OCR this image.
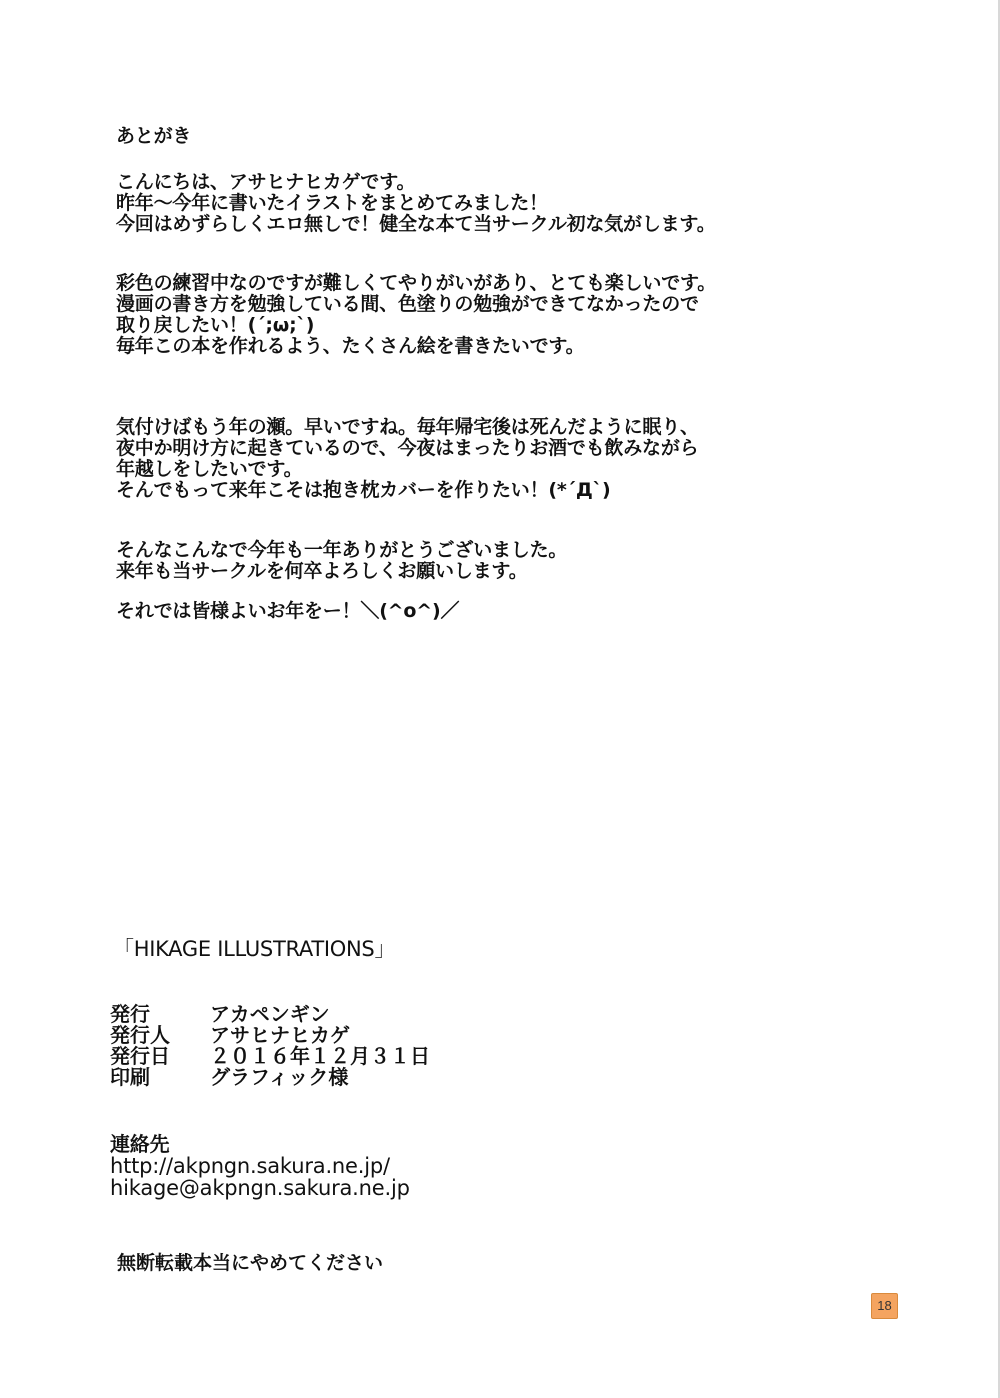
あとがき
こんにちは、アサヒナヒカゲです。
昨年～今年に書いたイラストをまとめてみました！
今回はめずらしくエロ無しで！健全な本て当サークル初な気がします。
彩色の練習中なのですが難しくてやりがいがあり、とても楽しいです。
漫画の書き方を勉強している間、色塗りの勉強ができてなかったので
取り戻したい！(´;ω;`)
毎年この本を作れるよう、たくさん絵を書きたいです。
気付けばもう年の瀬。早いですね。毎年帰宅後は死んだように眠り、
夜中か明け方に起きているので、今夜はまったりお酒でも飲みながら
年越しをしたいです。
そんでもって来年こそは抱き枕カバーを作りたい！(*´Д`)
そんなこんなで今年も一年ありがとうございました。
来年も当サークルを何卒よろしくお願いします。
それでは皆様よいお年をー！＼(^o^)／
「HIKAGE ILLUSTRATIONS」
発行	アカペンギン
発行人	アサヒナヒカゲ
発行日	２０１６年１２月３１日
印刷	グラフィック様
連絡先
http://akpngn.sakura.ne.jp/
hikage@akpngn.sakura.ne.jp
無断転載本当にやめてください
18
